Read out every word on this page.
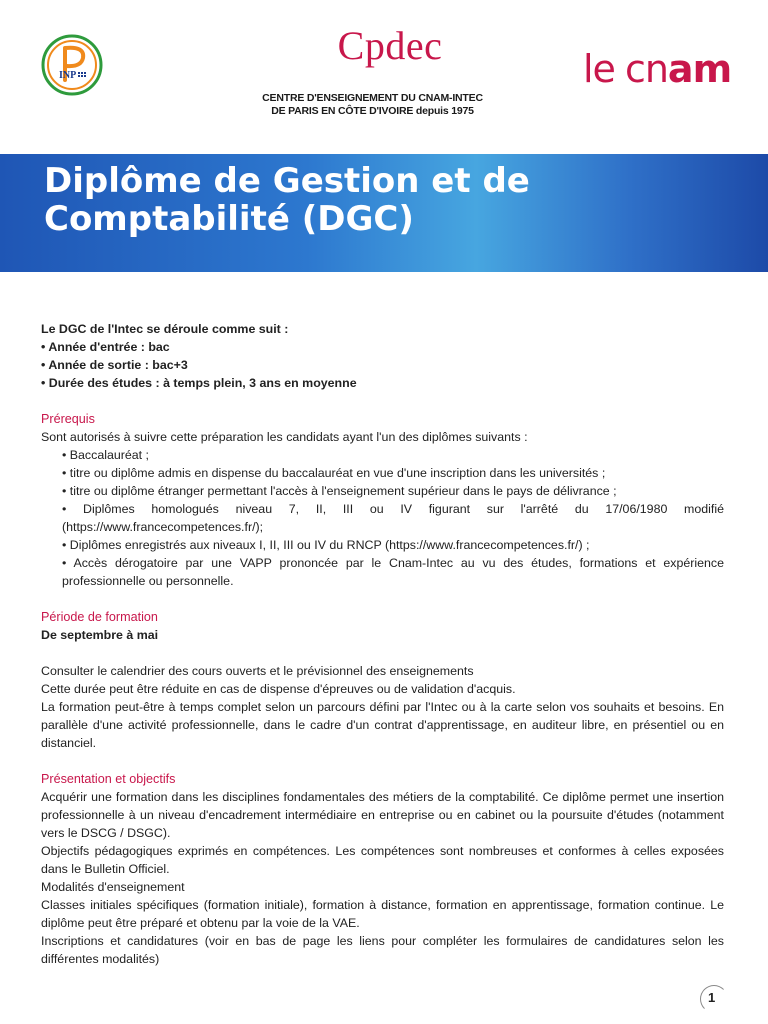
INP
Cpdec
CENTRE D'ENSEIGNEMENT DU CNAM-INTEC
DE PARIS EN CÔTE D'IVOIRE depuis 1975
le cnam
Diplôme de Gestion et de
Comptabilité (DGC)

Le DGC de l'Intec se déroule comme suit :

• Année d'entrée : bac

• Année de sortie : bac+3

• Durée des études : à temps plein, 3 ans en moyenne

Prérequis

Sont autorisés à suivre cette préparation les candidats ayant l'un des diplômes suivants :

• Baccalauréat ;

• titre ou diplôme admis en dispense du baccalauréat en vue d'une inscription dans les universités ;

• titre ou diplôme étranger permettant l'accès à l'enseignement supérieur dans le pays de délivrance ;

• Diplômes homologués niveau 7, II, III ou IV figurant sur l'arrêté du 17/06/1980 modifié (https://www.francecompetences.fr/);

• Diplômes enregistrés aux niveaux I, II, III ou IV du RNCP (https://www.francecompetences.fr/) ;

• Accès dérogatoire par une VAPP prononcée par le Cnam-Intec au vu des études, formations et expérience professionnelle ou personnelle.

Période de formation

De septembre à mai

Consulter le calendrier des cours ouverts et le prévisionnel des enseignements

Cette durée peut être réduite en cas de dispense d'épreuves ou de validation d'acquis.

La formation peut-être à temps complet selon un parcours défini par l'Intec ou à la carte selon vos souhaits et besoins. En parallèle d'une activité professionnelle, dans le cadre d'un contrat d'apprentissage, en auditeur libre, en présentiel ou en distanciel.

Présentation et objectifs

Acquérir une formation dans les disciplines fondamentales des métiers de la comptabilité. Ce diplôme permet une insertion professionnelle à un niveau d'encadrement intermédiaire en entreprise ou en cabinet ou la poursuite d'études (notamment vers le DSCG / DSGC).

Objectifs pédagogiques exprimés en compétences. Les compétences sont nombreuses et conformes à celles exposées dans le Bulletin Officiel.

Modalités d'enseignement

Classes initiales spécifiques (formation initiale), formation à distance, formation en apprentissage, formation continue. Le diplôme peut être préparé et obtenu par la voie de la VAE.

Inscriptions et candidatures (voir en bas de page les liens pour compléter les formulaires de candidatures selon les différentes modalités)

1
